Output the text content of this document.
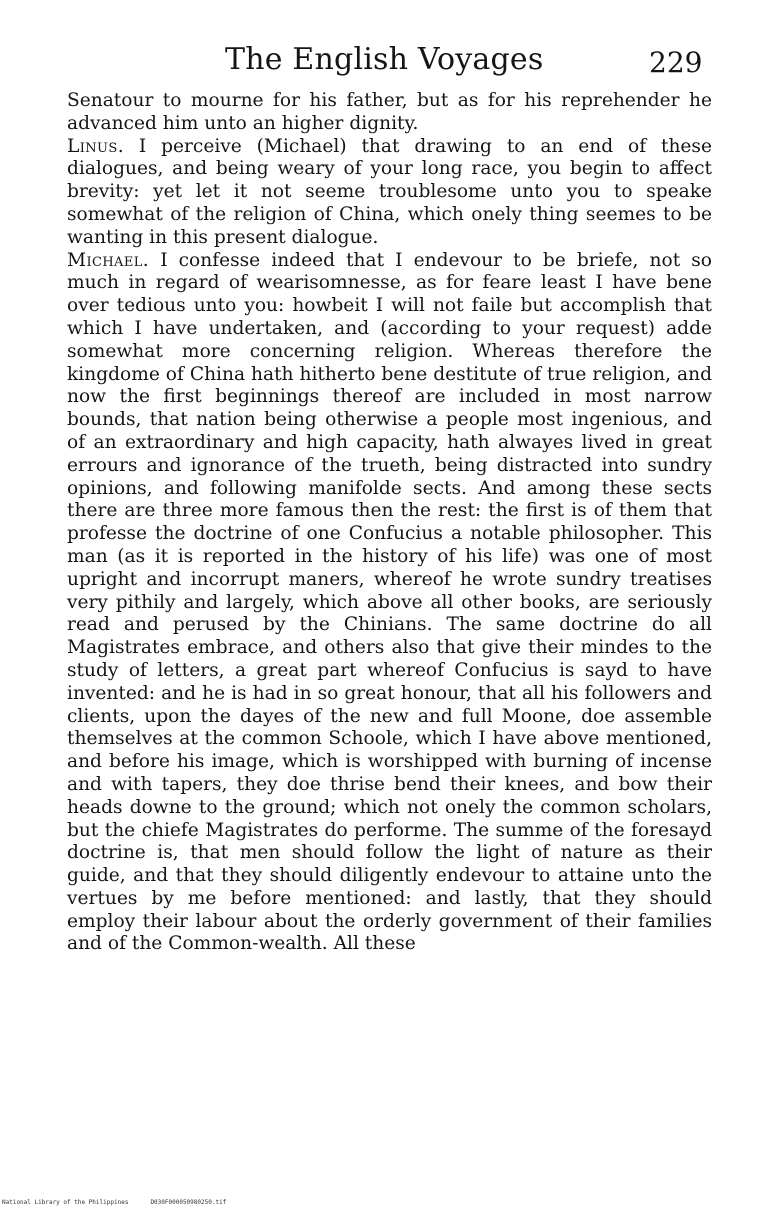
The English Voyages	229

Senatour to mourne for his father, but as for his reprehender he advanced him unto an higher dignity.

Linus. I perceive (Michael) that drawing to an end of these dialogues, and being weary of your long race, you begin to affect brevity: yet let it not seeme troublesome unto you to speake somewhat of the religion of China, which onely thing seemes to be wanting in this present dialogue.

Michael. I confesse indeed that I endevour to be briefe, not so much in regard of wearisomnesse, as for feare least I have bene over tedious unto you: howbeit I will not faile but accomplish that which I have undertaken, and (according to your request) adde somewhat more concerning religion. Whereas therefore the kingdome of China hath hitherto bene destitute of true religion, and now the first beginnings thereof are included in most narrow bounds, that nation being otherwise a people most ingenious, and of an extraordinary and high capacity, hath alwayes lived in great errours and ignorance of the trueth, being distracted into sundry opinions, and following manifolde sects. And among these sects there are three more famous then the rest: the first is of them that professe the doctrine of one Confucius a notable philosopher. This man (as it is reported in the history of his life) was one of most upright and incorrupt maners, whereof he wrote sundry treatises very pithily and largely, which above all other books, are seriously read and perused by the Chinians. The same doctrine do all Magistrates embrace, and others also that give their mindes to the study of letters, a great part whereof Confucius is sayd to have invented: and he is had in so great honour, that all his followers and clients, upon the dayes of the new and full Moone, doe assemble themselves at the common Schoole, which I have above mentioned, and before his image, which is worshipped with burning of incense and with tapers, they doe thrise bend their knees, and bow their heads downe to the ground; which not onely the common scholars, but the chiefe Magistrates do performe. The summe of the foresayd doctrine is, that men should follow the light of nature as their guide, and that they should diligently endevour to attaine unto the vertues by me before mentioned: and lastly, that they should employ their labour about the orderly government of their families and of the Common-wealth. All these

National Library of the Philippines	D030F000050980250.tif
